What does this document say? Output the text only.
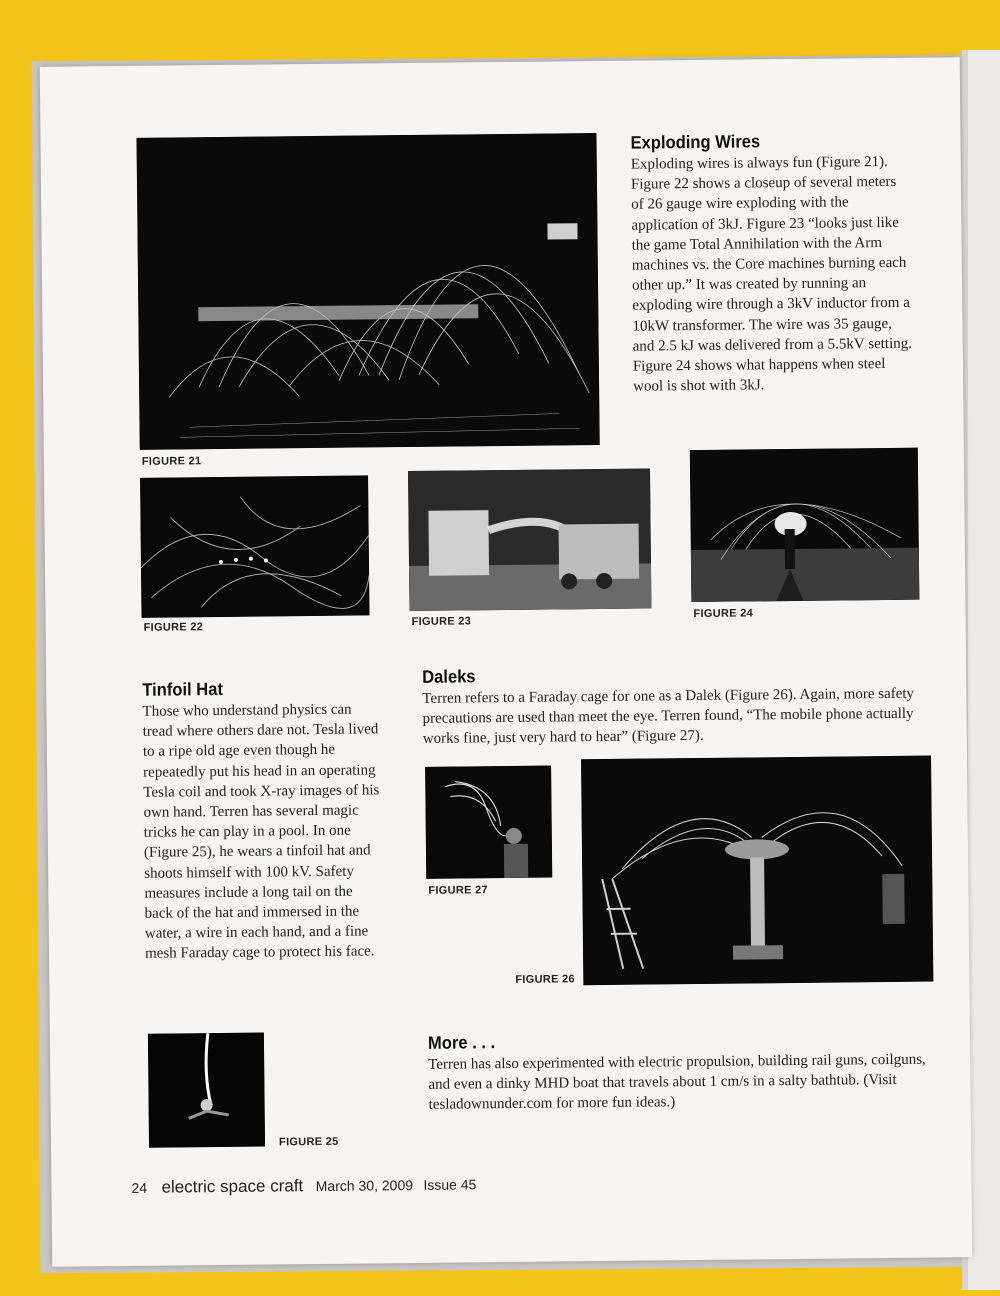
FIGURE 21
Exploding Wires
Exploding wires is always fun (Figure 21). Figure 22 shows a closeup of several meters of 26 gauge wire exploding with the application of 3kJ. Figure 23 “looks just like the game Total Annihilation with the Arm machines vs. the Core machines burning each other up.” It was created by running an exploding wire through a 3kV inductor from a 10kW transformer. The wire was 35 gauge, and 2.5 kJ was delivered from a 5.5kV setting. Figure 24 shows what happens when steel wool is shot with 3kJ.
FIGURE 22	FIGURE 23
FIGURE 24
Tinfoil Hat
Those who understand physics can tread where others dare not. Tesla lived to a ripe old age even though he repeatedly put his head in an operating Tesla coil and took X-ray images of his own hand. Terren has several magic tricks he can play in a pool. In one (Figure 25), he wears a tinfoil hat and shoots himself with 100 kV. Safety measures include a long tail on the back of the hat and immersed in the water, a wire in each hand, and a fine mesh Faraday cage to protect his face.
Daleks
Terren refers to a Faraday cage for one as a Dalek (Figure 26). Again, more safety precautions are used than meet the eye. Terren found, “The mobile phone actually works fine, just very hard to hear” (Figure 27).
FIGURE 27
FIGURE 26
FIGURE 25
More . . .
Terren has also experimented with electric propulsion, building rail guns, coilguns, and even a dinky MHD boat that travels about 1 cm/s in a salty bathtub. (Visit tesladownunder.com for more fun ideas.)
24 electric space craft March 30, 2009 Issue 45
